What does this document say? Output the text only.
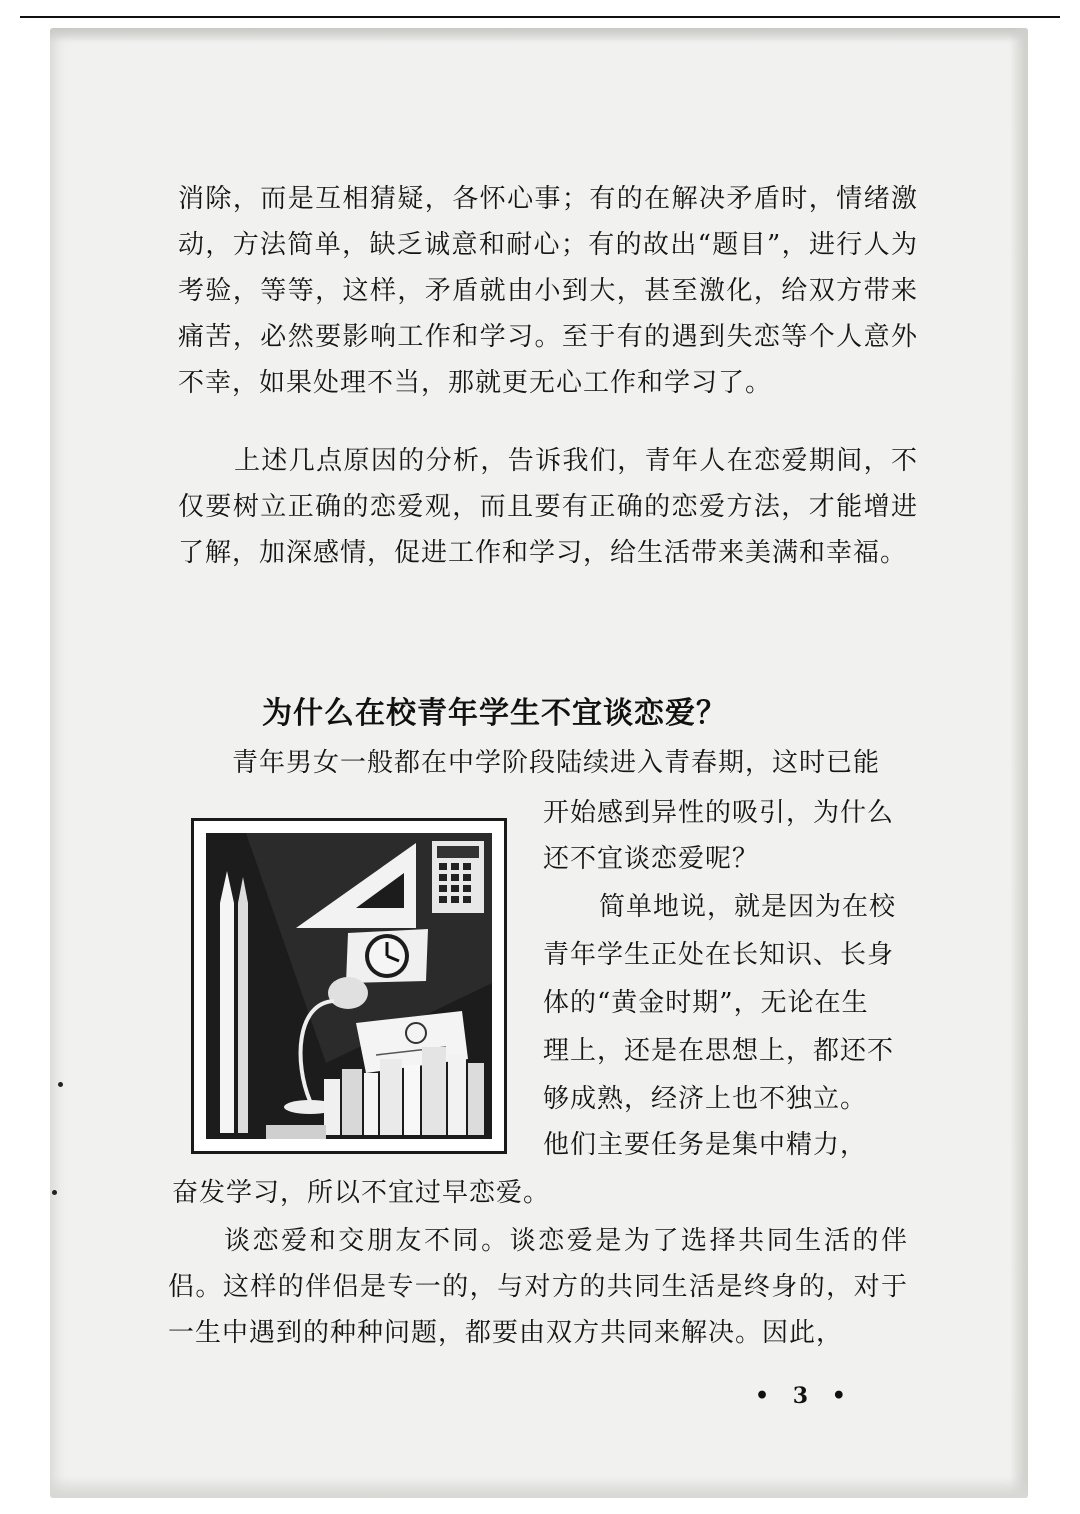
消除，而是互相猜疑，各怀心事；有的在解决矛盾时，情绪激动，方法简单，缺乏诚意和耐心；有的故出“题目”，进行人为考验，等等，这样，矛盾就由小到大，甚至激化，给双方带来痛苦，必然要影响工作和学习。至于有的遇到失恋等个人意外不幸，如果处理不当，那就更无心工作和学习了。
上述几点原因的分析，告诉我们，青年人在恋爱期间，不仅要树立正确的恋爱观，而且要有正确的恋爱方法，才能增进了解，加深感情，促进工作和学习，给生活带来美满和幸福。
为什么在校青年学生不宜谈恋爱？
青年男女一般都在中学阶段陆续进入青春期，这时已能
开始感到异性的吸引，为什么
还不宜谈恋爱呢？
简单地说，就是因为在校
青年学生正处在长知识、长身
体的“黄金时期”，无论在生
理上，还是在思想上，都还不
够成熟，经济上也不独立。
他们主要任务是集中精力，
奋发学习，所以不宜过早恋爱。
谈恋爱和交朋友不同。谈恋爱是为了选择共同生活的伴侣。这样的伴侣是专一的，与对方的共同生活是终身的，对于一生中遇到的种种问题，都要由双方共同来解决。因此，
• 3 •
